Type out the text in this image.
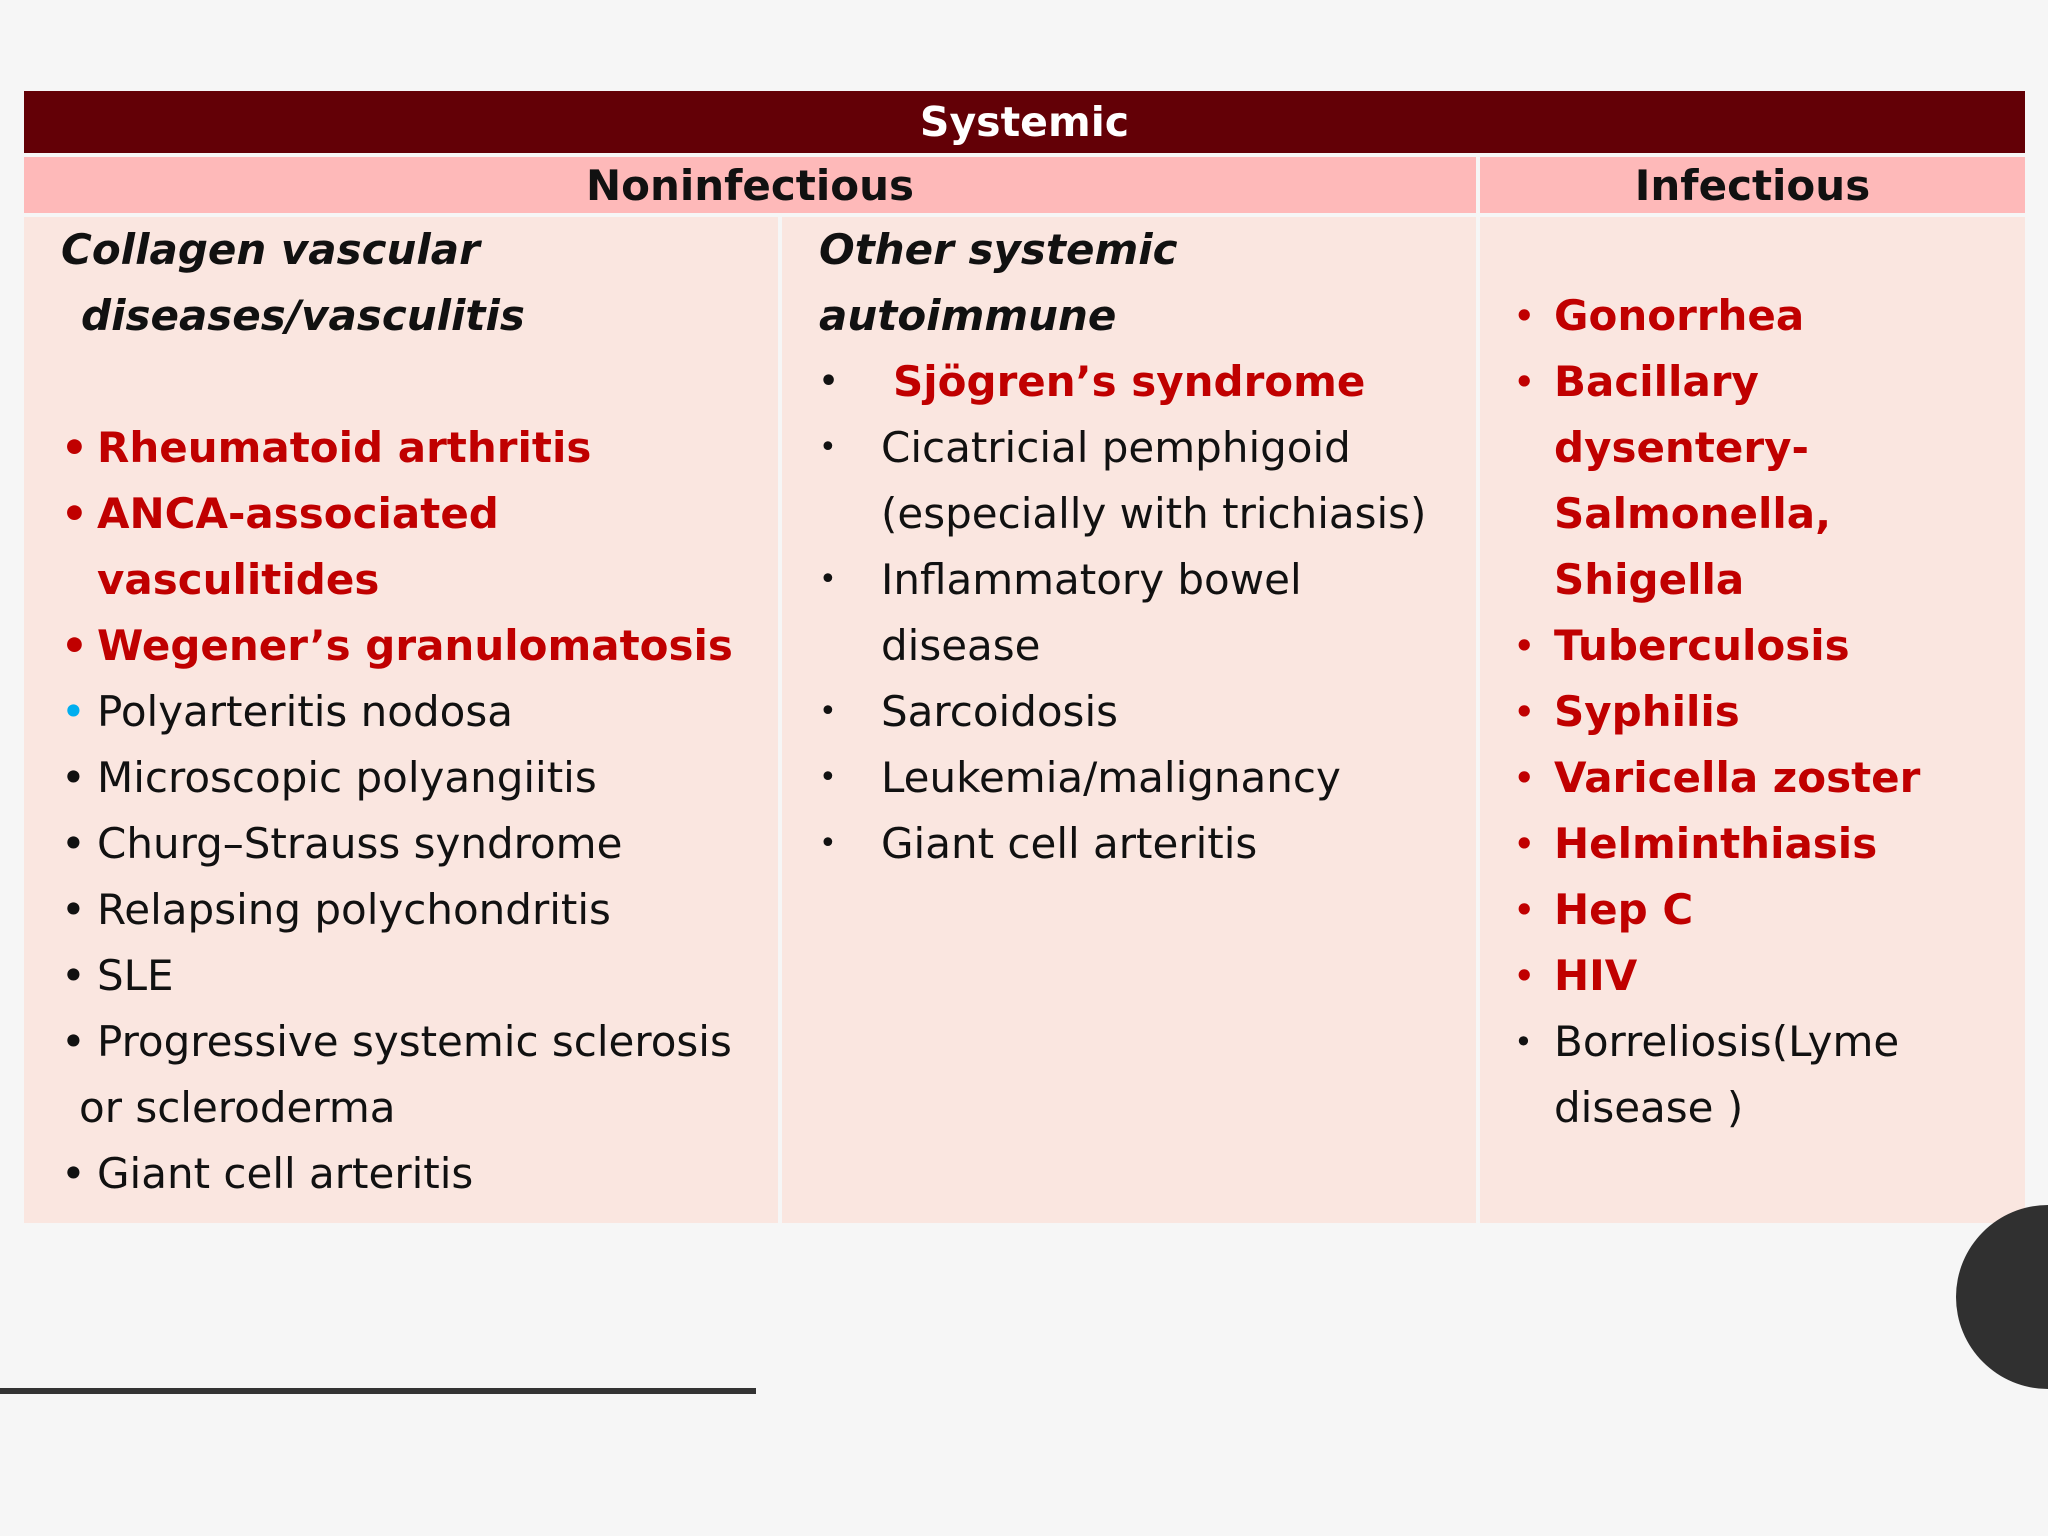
Systemic
Noninfectious	Infectious
Collagen vascular
diseases/vasculitis
• Rheumatoid arthritis
• ANCA-associated vasculitides
• Wegener’s granulomatosis
• Polyarteritis nodosa
• Microscopic polyangiitis
• Churg–Strauss syndrome
• Relapsing polychondritis
• SLE
• Progressive systemic sclerosis
or scleroderma
• Giant cell arteritis
Other systemic autoimmune
• Sjögren’s syndrome
• Cicatricial pemphigoid
(especially with trichiasis)
• Inflammatory bowel
disease
• Sarcoidosis
• Leukemia/malignancy
• Giant cell arteritis
• Gonorrhea
• Bacillary dysentery-
Salmonella, Shigella
• Tuberculosis
• Syphilis
• Varicella zoster
• Helminthiasis
• Hep C
• HIV
• Borreliosis(Lyme
disease )
